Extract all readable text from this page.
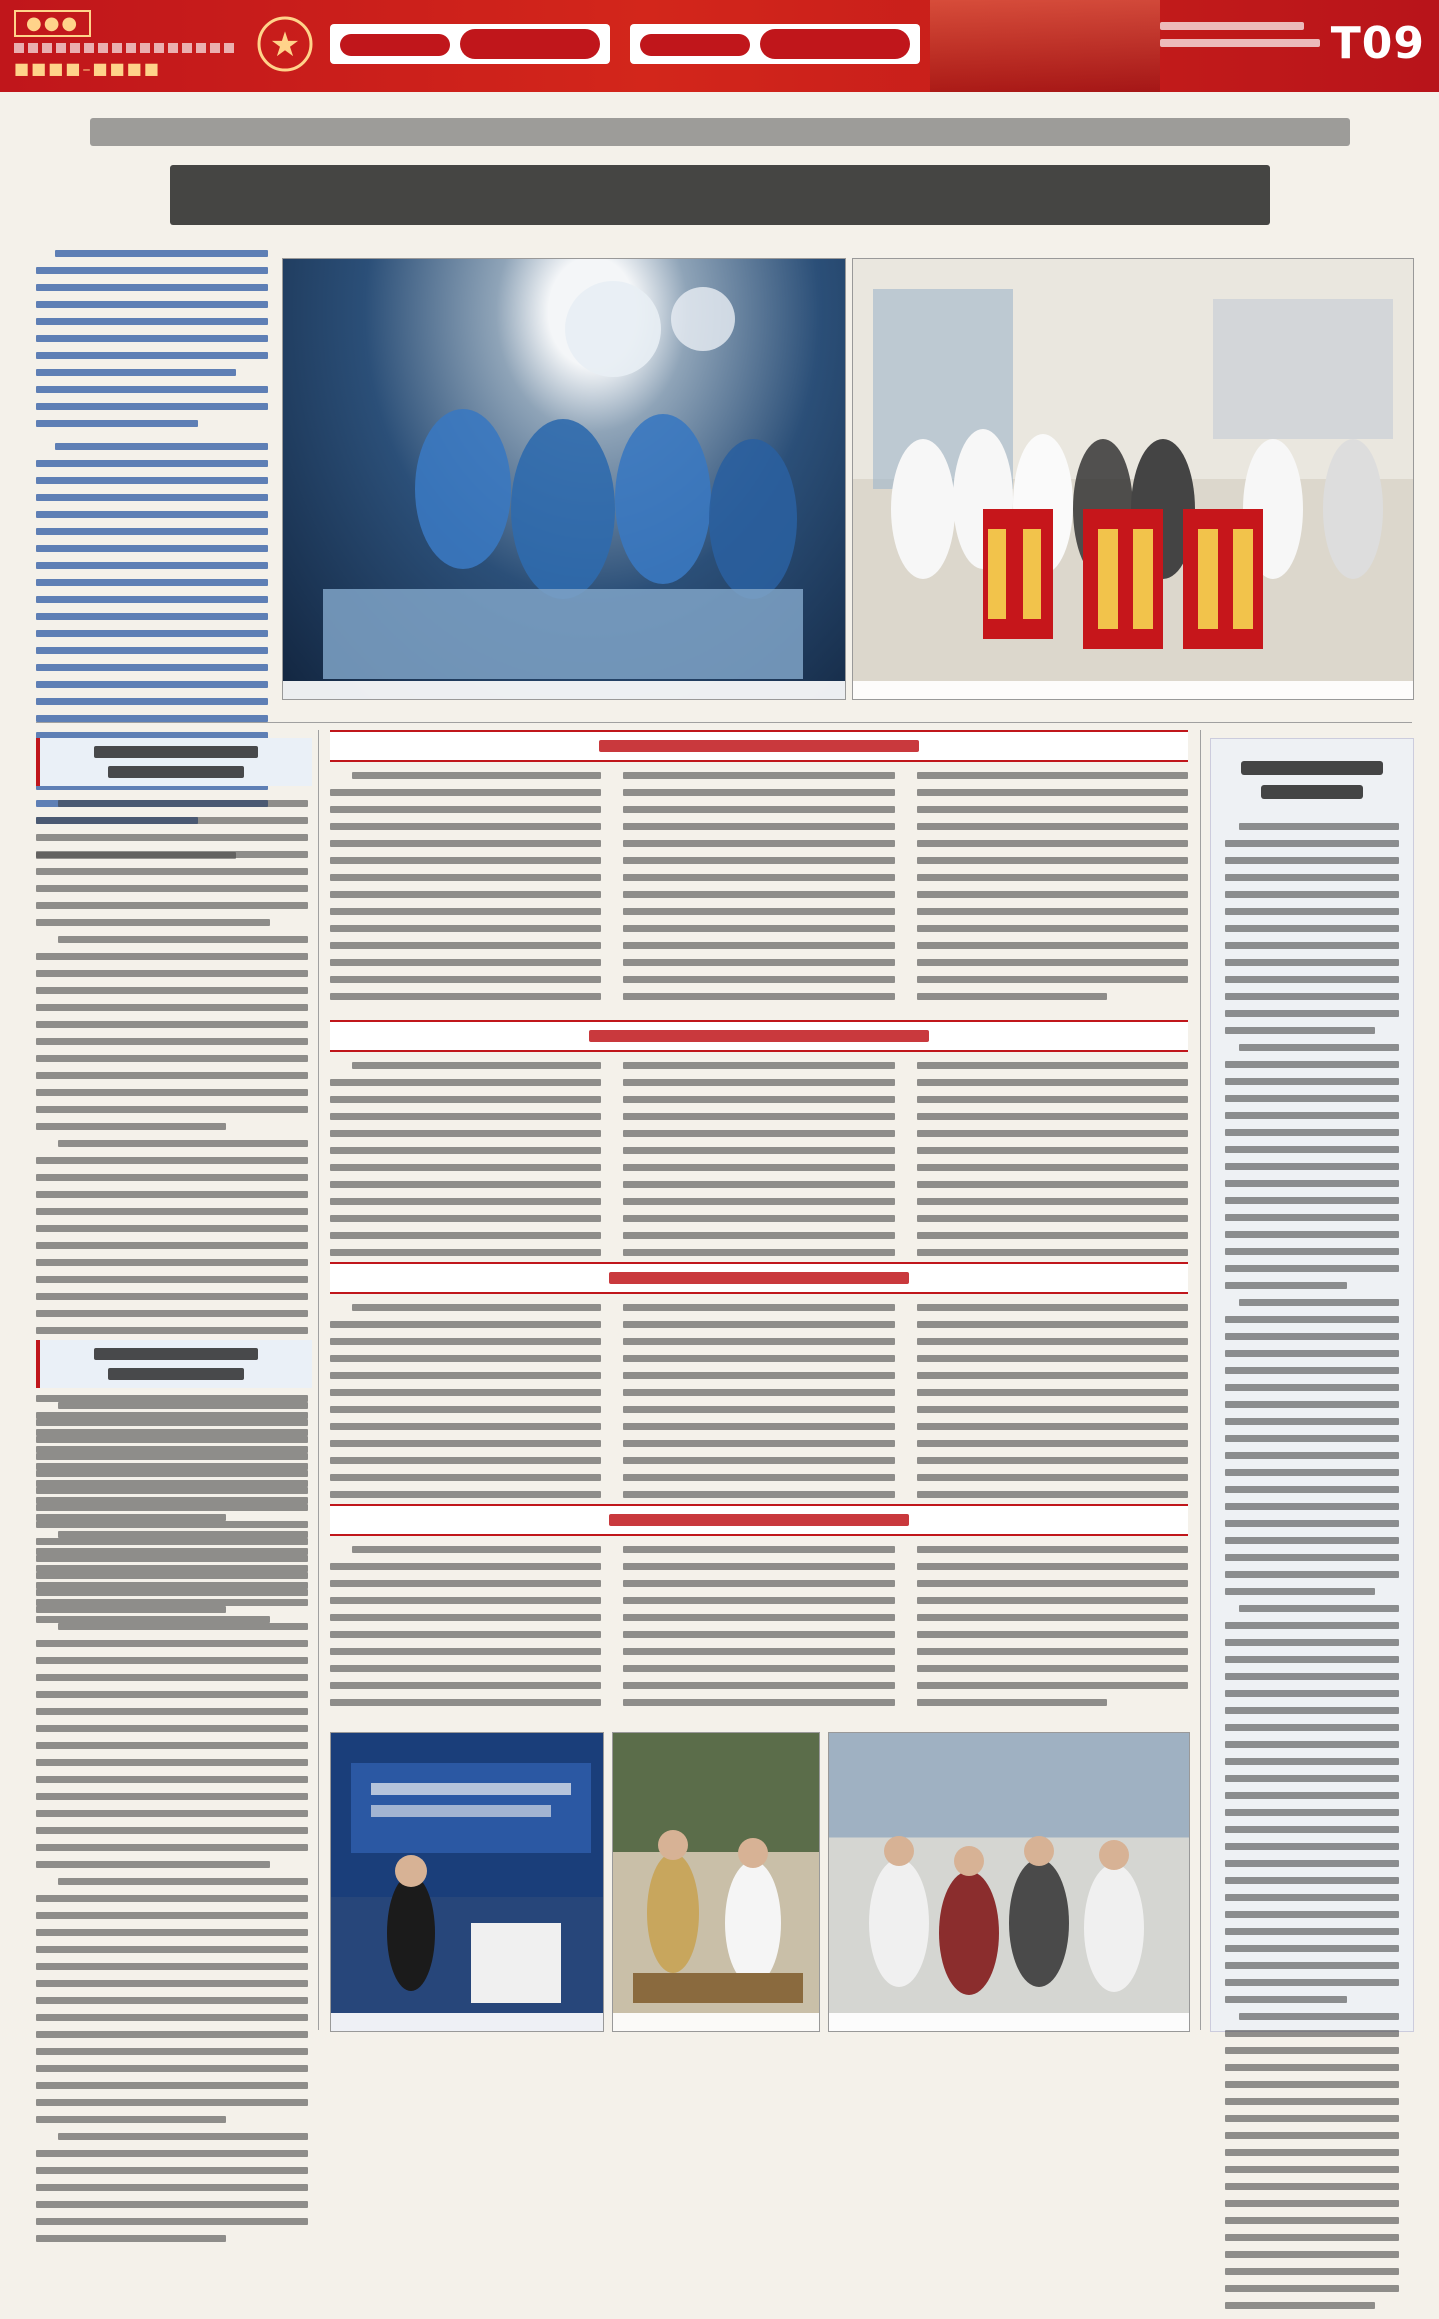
●●●
■■■■–■■■■
★	T09
